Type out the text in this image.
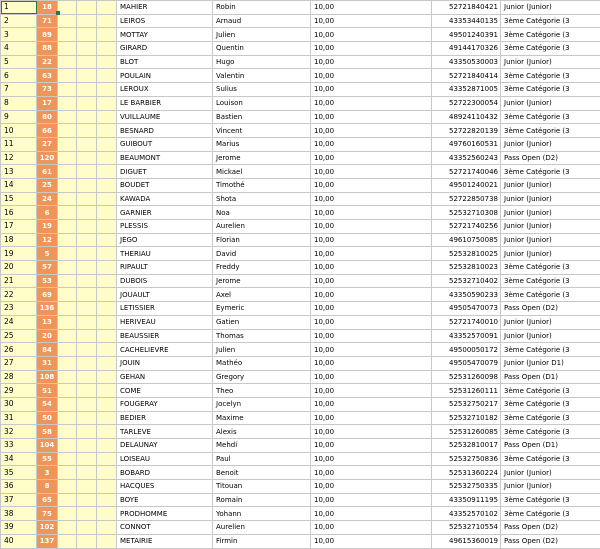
1	18				MAHIER	Robin	10,00	52721840421	Junior (Junior)
2	71				LEIROS	Arnaud	10,00	43353440135	3ème Catégorie (3
3	89				MOTTAY	Julien	10,00	49501240391	3ème Catégorie (3
4	88				GIRARD	Quentin	10,00	49144170326	3ème Catégorie (3
5	22				BLOT	Hugo	10,00	43350530003	Junior (Junior)
6	63				POULAIN	Valentin	10,00	52721840414	3ème Catégorie (3
7	73				LEROUX	Sulius	10,00	43352871005	3ème Catégorie (3
8	17				LE BARBIER	Louison	10,00	52722300054	Junior (Junior)
9	80				VUILLAUME	Bastien	10,00	48924110432	3ème Catégorie (3
10	66				BESNARD	Vincent	10,00	52722820139	3ème Catégorie (3
11	27				GUIBOUT	Marius	10,00	49760160531	Junior (Junior)
12	120				BEAUMONT	Jerome	10,00	43352560243	Pass Open (D2)
13	61				DIGUET	Mickael	10,00	52721740046	3ème Catégorie (3
14	25				BOUDET	Timothé	10,00	49501240021	Junior (Junior)
15	24				KAWADA	Shota	10,00	52722850738	Junior (Junior)
16	6				GARNIER	Noa	10,00	52532710308	Junior (Junior)
17	19				PLESSIS	Aurelien	10,00	52721740256	Junior (Junior)
18	12				JEGO	Florian	10,00	49610750085	Junior (Junior)
19	5				THERIAU	David	10,00	52532810025	Junior (Junior)
20	57				RIPAULT	Freddy	10,00	52532810023	3ème Catégorie (3
21	53				DUBOIS	Jerome	10,00	52532710402	3ème Catégorie (3
22	69				JOUAULT	Axel	10,00	43350590233	3ème Catégorie (3
23	136				LETISSIER	Eymeric	10,00	49505470073	Pass Open (D2)
24	13				HERIVEAU	Gatien	10,00	52721740010	Junior (Junior)
25	20				BEAUSSIER	Thomas	10,00	43352570091	Junior (Junior)
26	84				CACHELIEVRE	Julien	10,00	49500050172	3ème Catégorie (3
27	31				JOUIN	Mathéo	10,00	49505470079	Junior (Junior D1)
28	108				GEHAN	Gregory	10,00	52531260098	Pass Open (D1)
29	51				COME	Theo	10,00	52531260111	3ème Catégorie (3
30	54				FOUGERAY	Jocelyn	10,00	52532750217	3ème Catégorie (3
31	50				BEDIER	Maxime	10,00	52532710182	3ème Catégorie (3
32	58				TARLEVE	Alexis	10,00	52531260085	3ème Catégorie (3
33	104				DELAUNAY	Mehdi	10,00	52532810017	Pass Open (D1)
34	55				LOISEAU	Paul	10,00	52532750836	3ème Catégorie (3
35	3				BOBARD	Benoit	10,00	52531360224	Junior (Junior)
36	8				HACQUES	Titouan	10,00	52532750335	Junior (Junior)
37	65				BOYE	Romain	10,00	43350911195	3ème Catégorie (3
38	75				PRODHOMME	Yohann	10,00	43352570102	3ème Catégorie (3
39	102				CONNOT	Aurelien	10,00	52532710554	Pass Open (D2)
40	137				METAIRIE	Firmin	10,00	49615360019	Pass Open (D2)
